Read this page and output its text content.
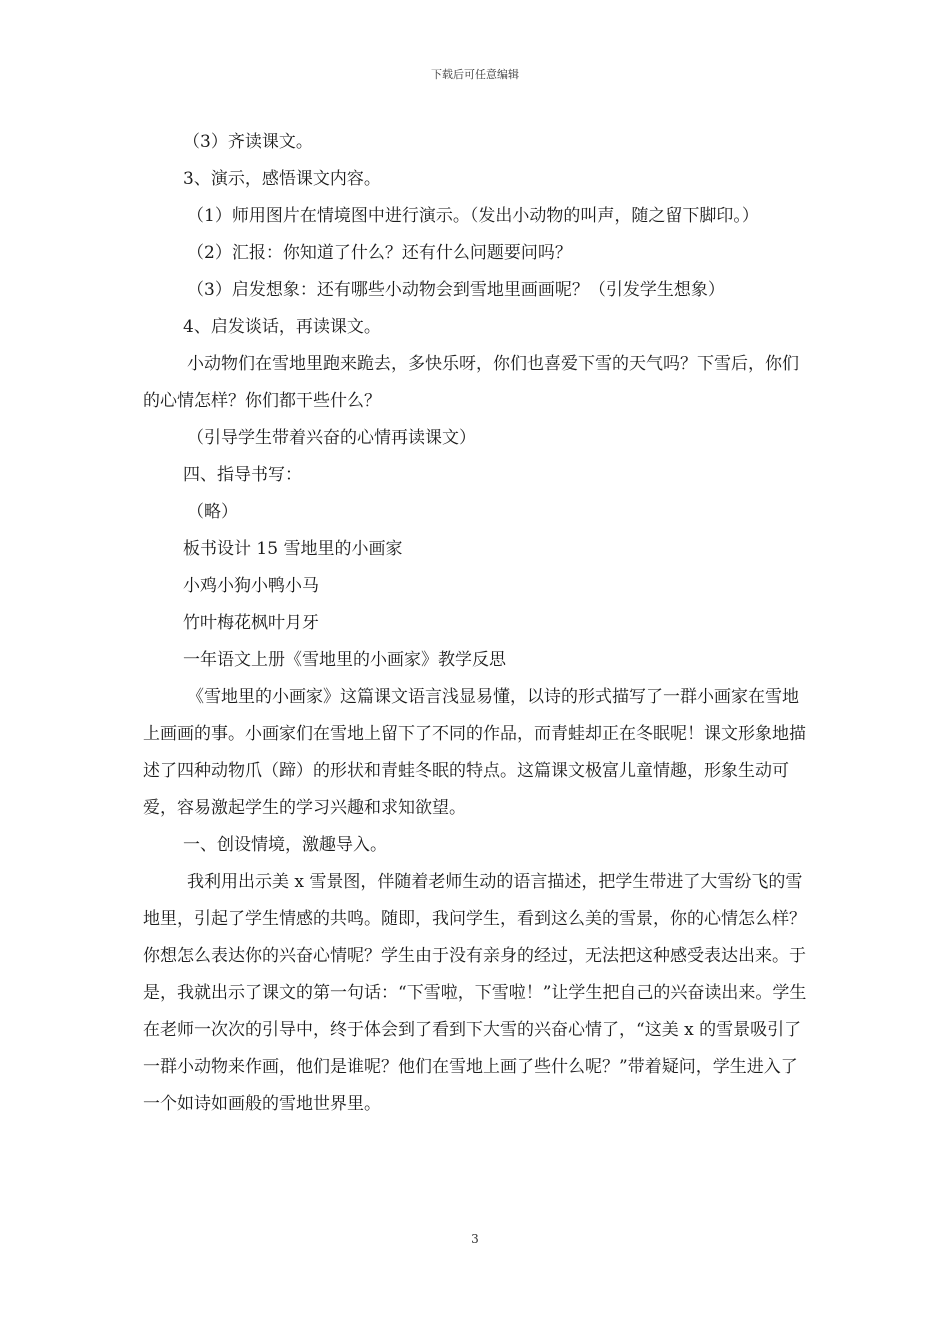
下载后可任意编辑

（3）齐读课文。

3、演示，感悟课文内容。

（1）师用图片在情境图中进行演示。（发出小动物的叫声，随之留下脚印。）

（2）汇报：你知道了什么？还有什么问题要问吗？

（3）启发想象：还有哪些小动物会到雪地里画画呢？（引发学生想象）

4、启发谈话，再读课文。

小动物们在雪地里跑来跪去，多快乐呀，你们也喜爱下雪的天气吗？下雪后，你们的心情怎样？你们都干些什么？

（引导学生带着兴奋的心情再读课文）

四、指导书写：

（略）

板书设计 15 雪地里的小画家

小鸡小狗小鸭小马

竹叶梅花枫叶月牙

一年语文上册《雪地里的小画家》教学反思

《雪地里的小画家》这篇课文语言浅显易懂，以诗的形式描写了一群小画家在雪地上画画的事。小画家们在雪地上留下了不同的作品，而青蛙却正在冬眠呢！课文形象地描述了四种动物爪（蹄）的形状和青蛙冬眠的特点。这篇课文极富儿童情趣，形象生动可爱，容易激起学生的学习兴趣和求知欲望。

一、创设情境，激趣导入。

我利用出示美 x 雪景图，伴随着老师生动的语言描述，把学生带进了大雪纷飞的雪地里，引起了学生情感的共鸣。随即，我问学生，看到这么美的雪景，你的心情怎么样？你想怎么表达你的兴奋心情呢？学生由于没有亲身的经过，无法把这种感受表达出来。于是，我就出示了课文的第一句话：“下雪啦，下雪啦！”让学生把自己的兴奋读出来。学生在老师一次次的引导中，终于体会到了看到下大雪的兴奋心情了，“这美 x 的雪景吸引了一群小动物来作画，他们是谁呢？他们在雪地上画了些什么呢？”带着疑问，学生进入了一个如诗如画般的雪地世界里。

3
